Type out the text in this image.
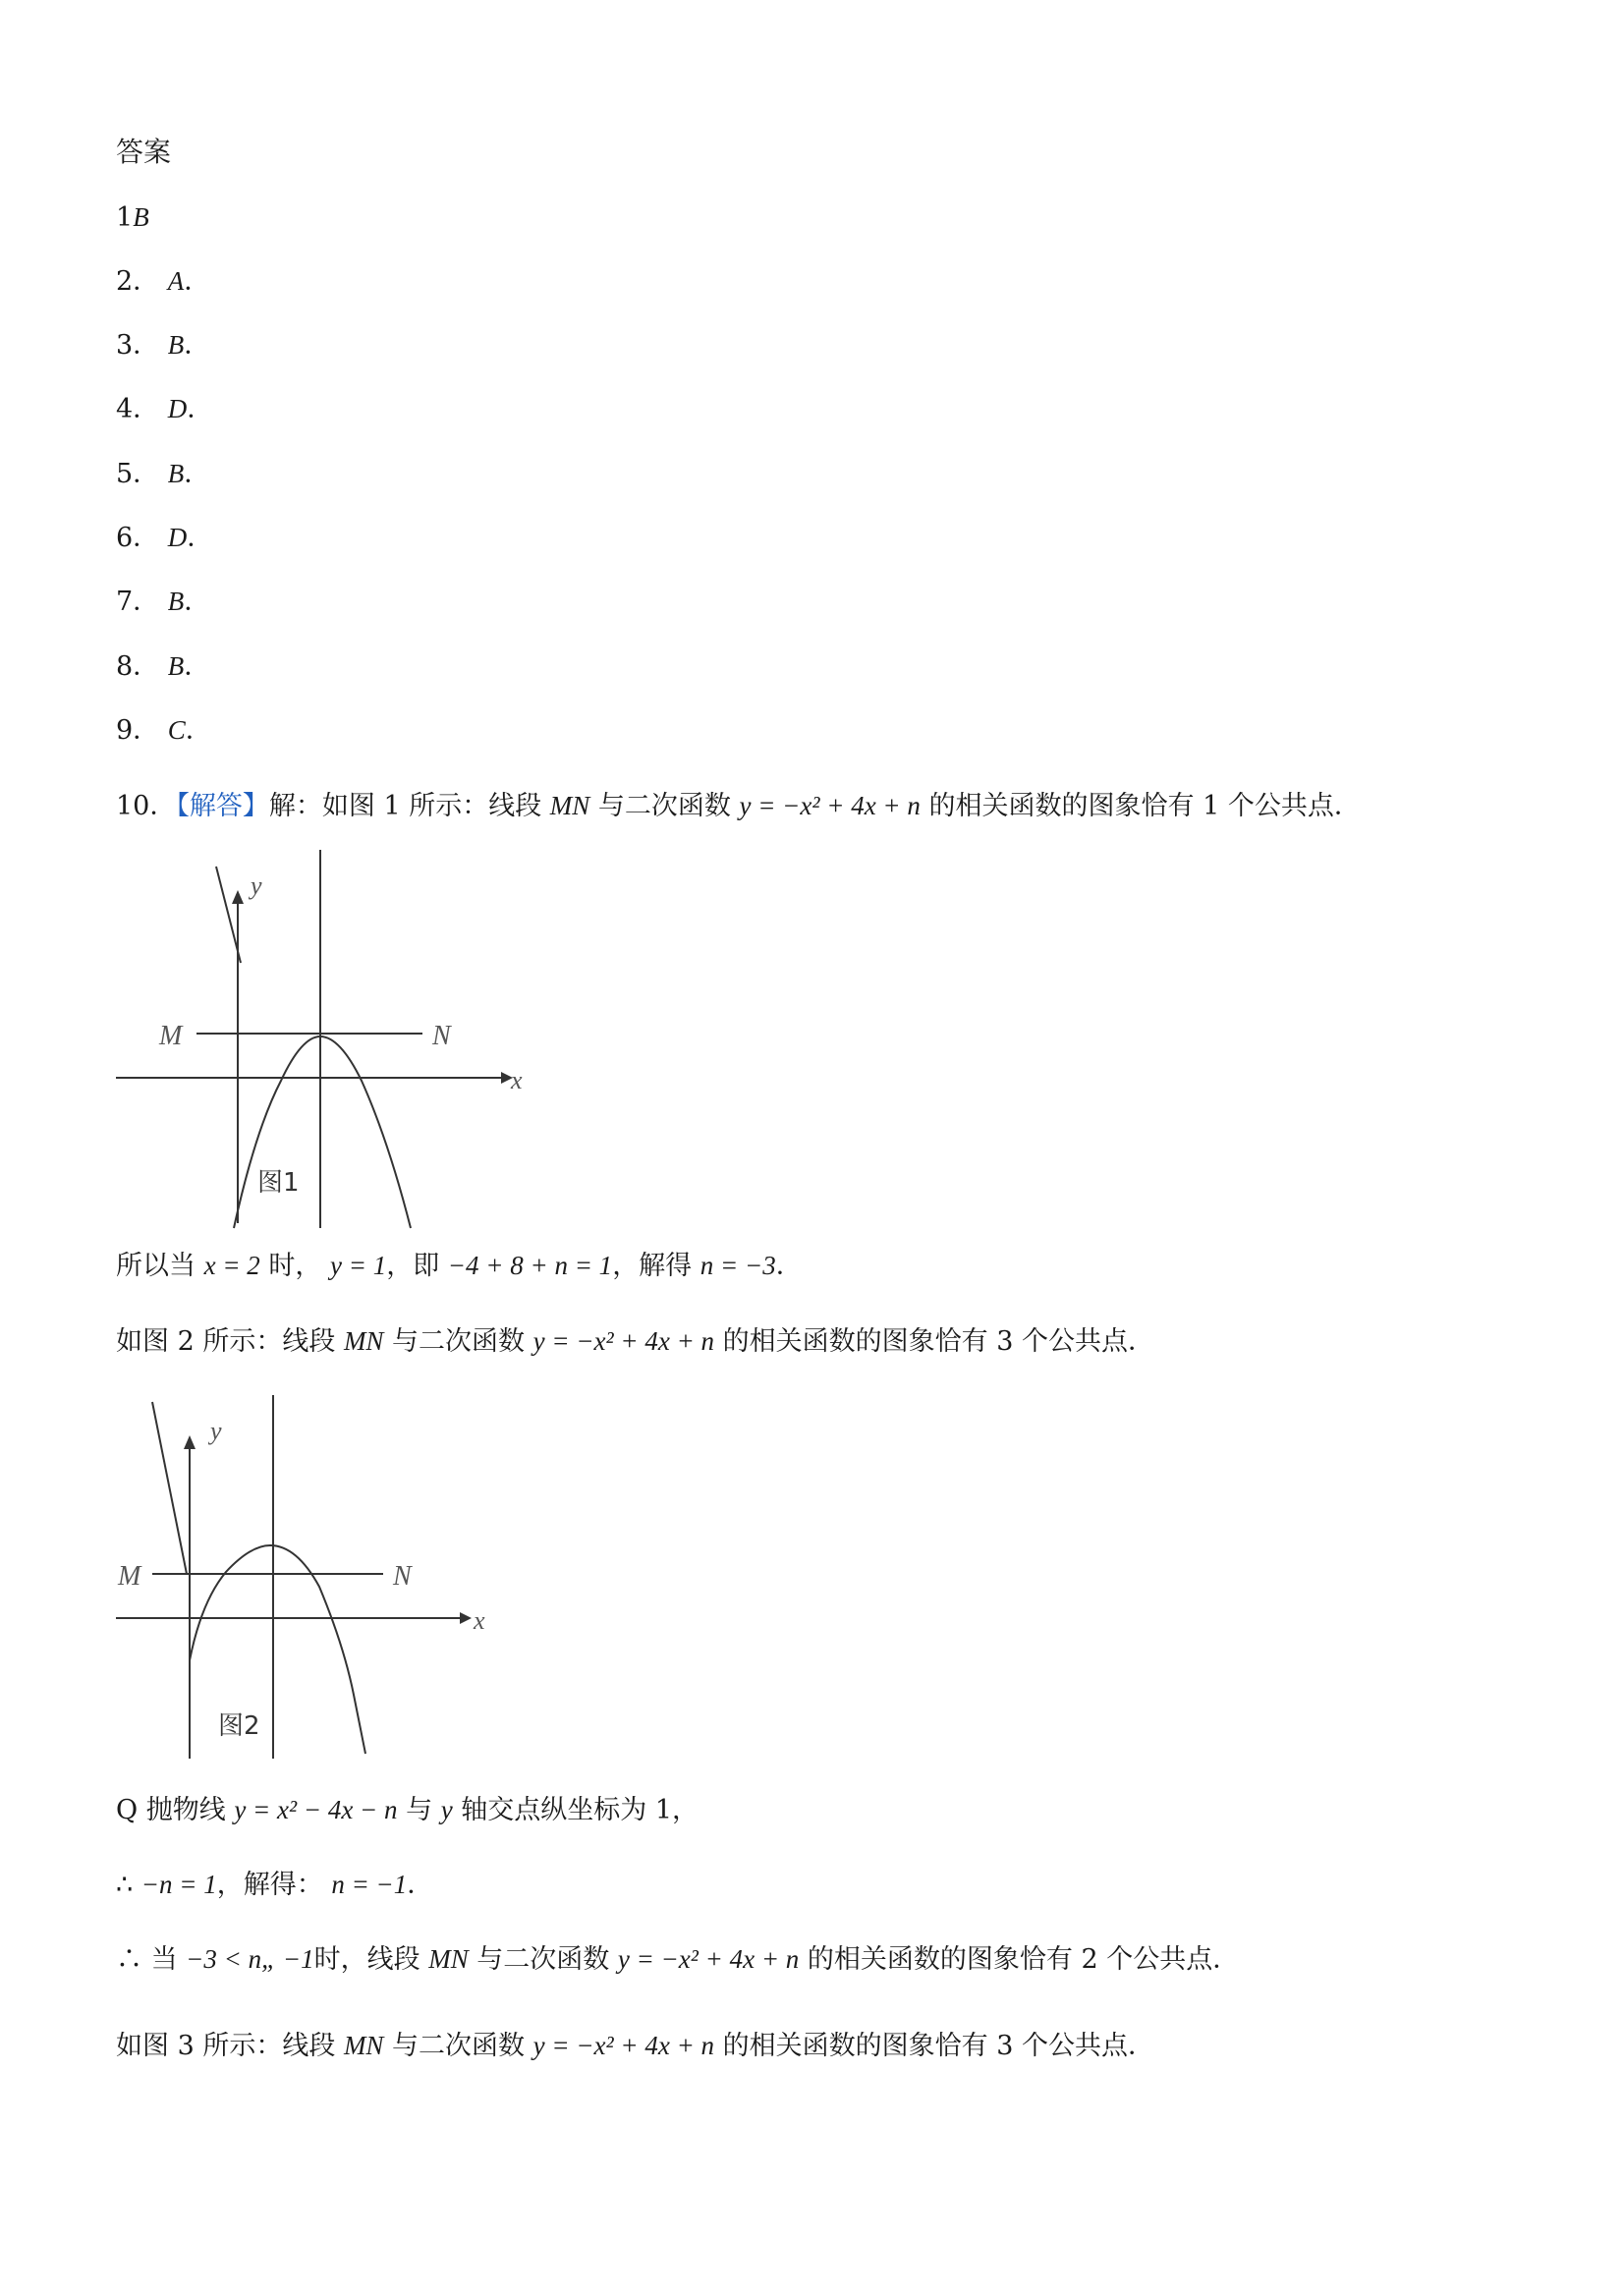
答案
1B
2． A．
3． B．
4． D．
5． B．
6． D．
7． B．
8． B．
9． C．
10．【解答】解：如图 1 所示：线段 MN 与二次函数 y = −x² + 4x + n 的相关函数的图象恰有 1 个公共点．
y
M	N
x
图1
所以当 x = 2 时， y = 1，即 −4 + 8 + n = 1，解得 n = −3．
如图 2 所示：线段 MN 与二次函数 y = −x² + 4x + n 的相关函数的图象恰有 3 个公共点．
y
M	N
x
图2
Q 抛物线 y = x² − 4x − n 与 y 轴交点纵坐标为 1，
∴ −n = 1，解得： n = −1．
∴ 当 −3 < n„ −1时，线段 MN 与二次函数 y = −x² + 4x + n 的相关函数的图象恰有 2 个公共点．
如图 3 所示：线段 MN 与二次函数 y = −x² + 4x + n 的相关函数的图象恰有 3 个公共点．
